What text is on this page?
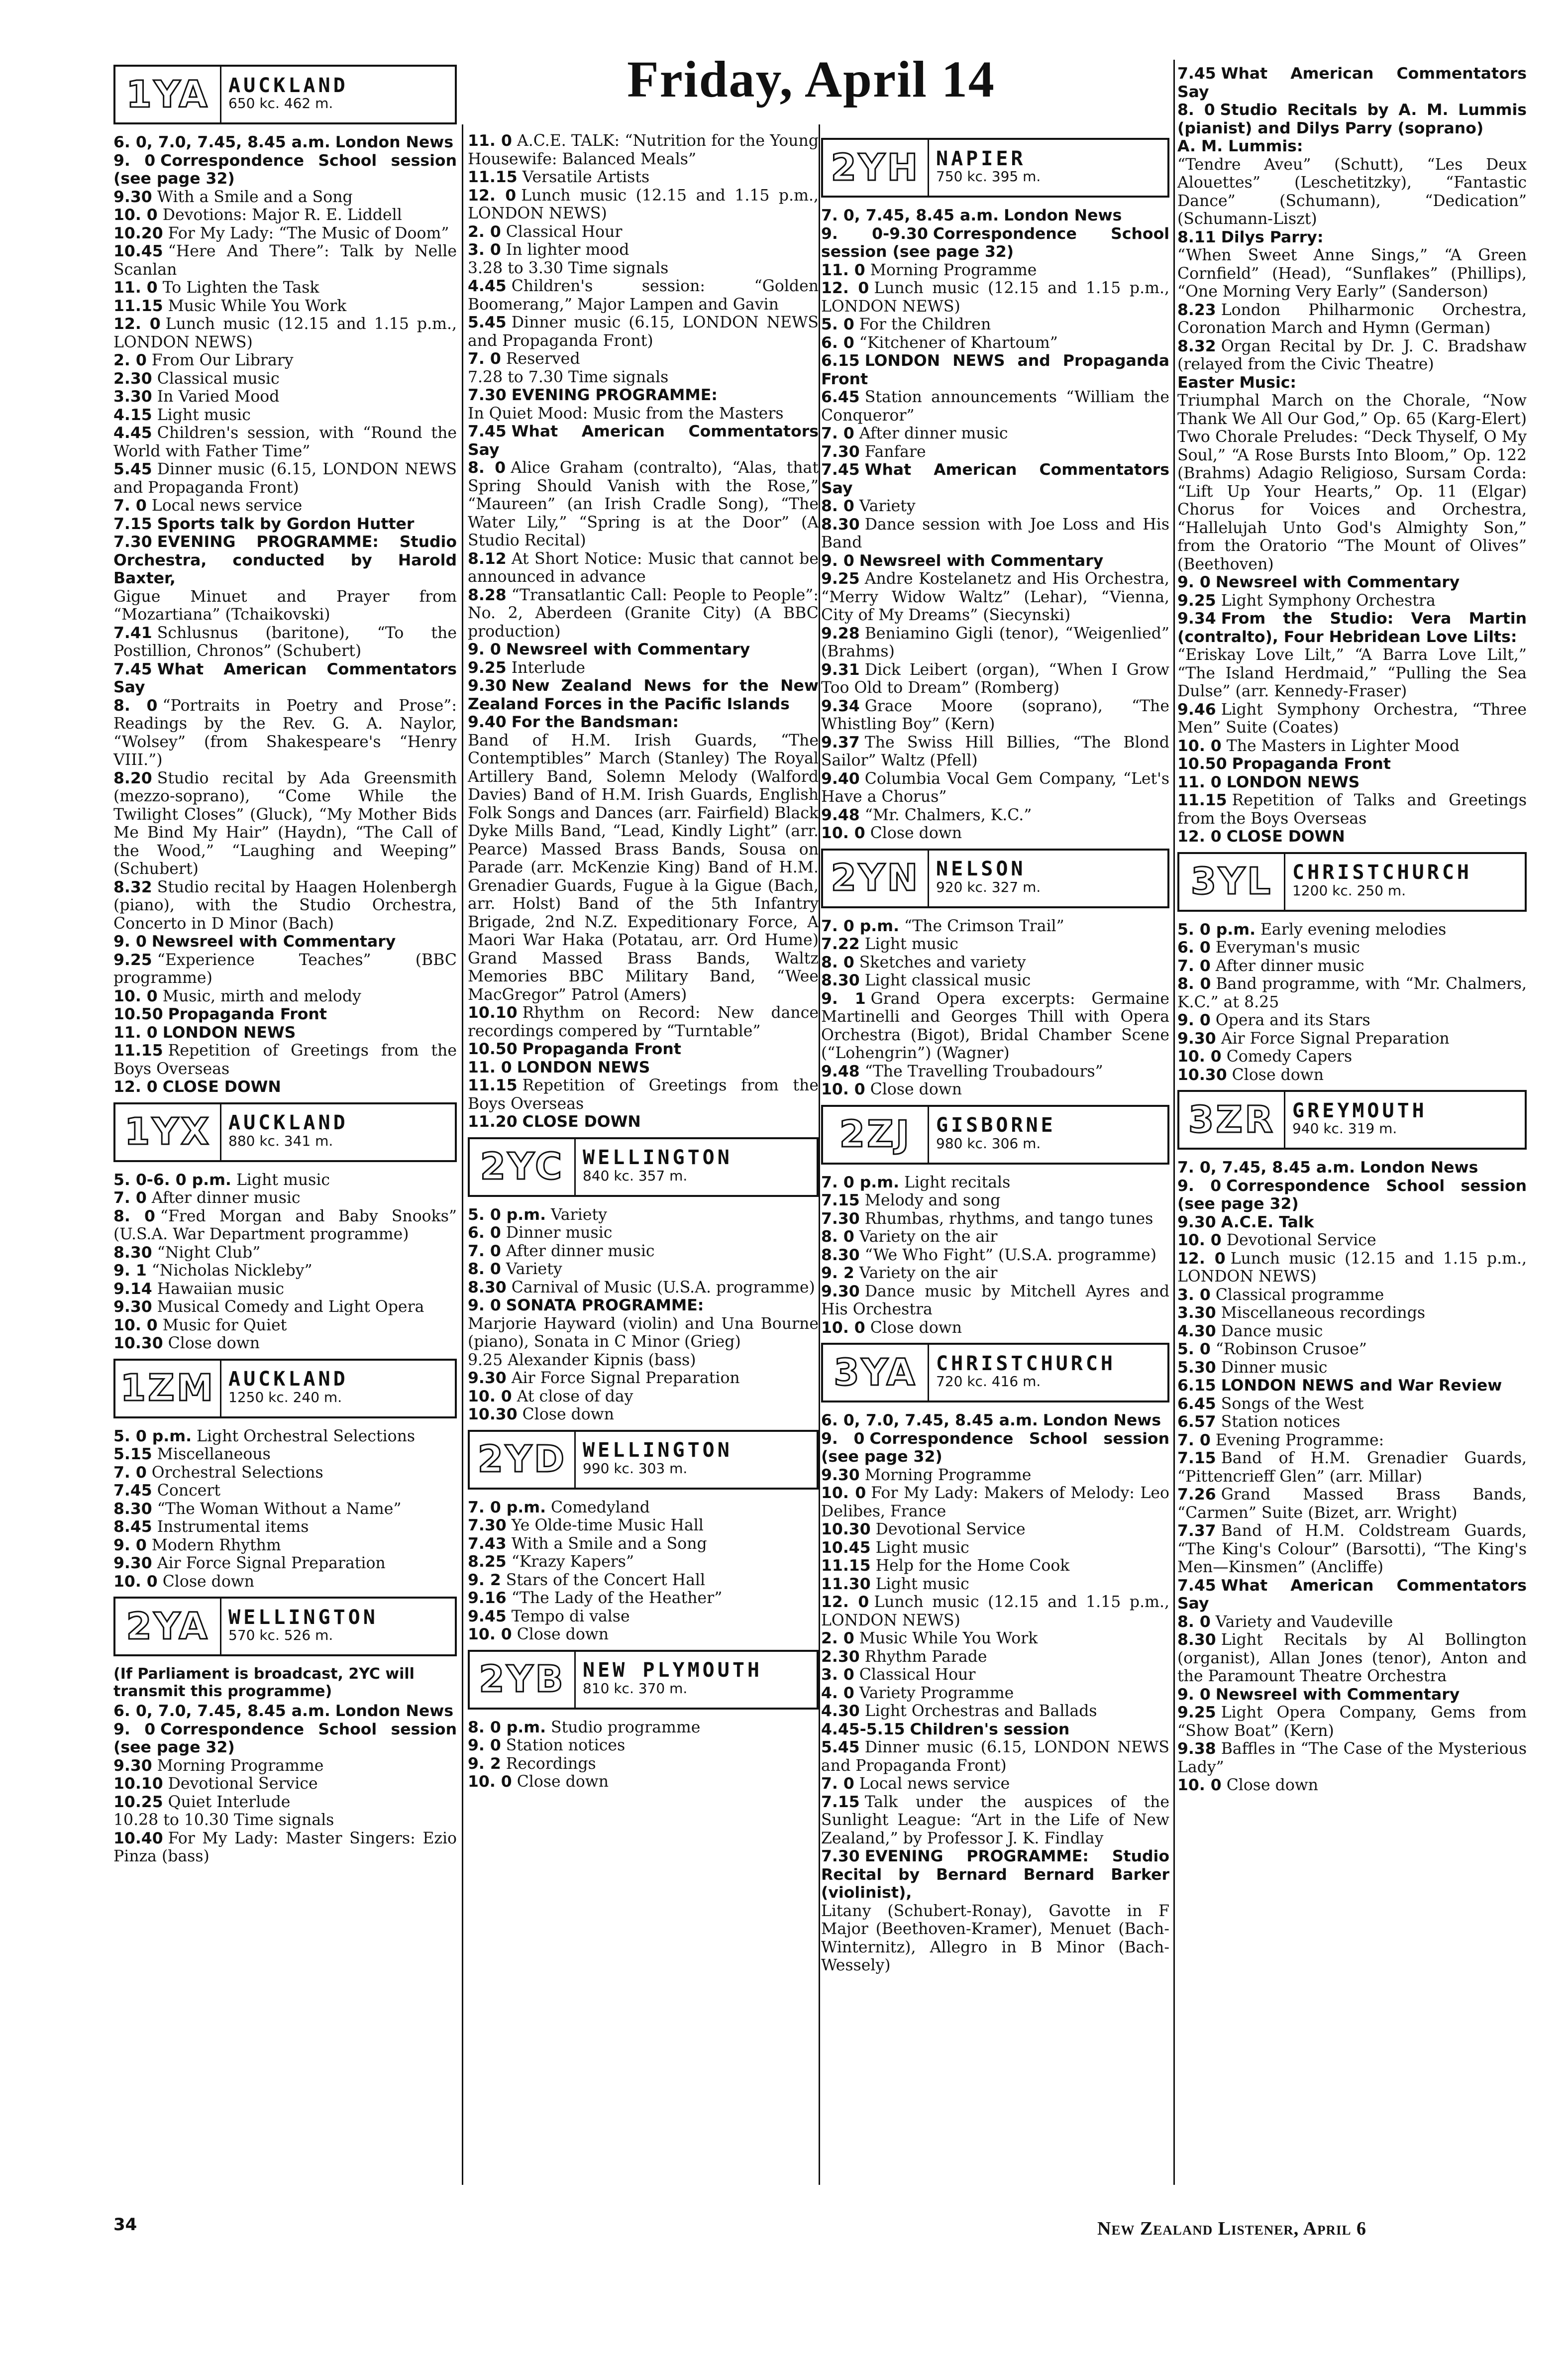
Friday, April 14
1YA AUCKLAND
650 kc. 462 m.

6. 0, 7.0, 7.45, 8.45 a.m. London News

9. 0 Correspondence School session (see page 32)

9.30 With a Smile and a Song

10. 0 Devotions: Major R. E. Liddell

10.20 For My Lady: “The Music of Doom”

10.45 “Here And There”: Talk by Nelle Scanlan

11. 0 To Lighten the Task

11.15 Music While You Work

12. 0 Lunch music (12.15 and 1.15 p.m., LONDON NEWS)

2. 0 From Our Library

2.30 Classical music

3.30 In Varied Mood

4.15 Light music

4.45 Children's session, with “Round the World with Father Time”

5.45 Dinner music (6.15, LONDON NEWS and Propaganda Front)

7. 0 Local news service

7.15 Sports talk by Gordon Hutter

7.30 EVENING PROGRAMME: Studio Orchestra, conducted by Harold Baxter,

Gigue Minuet and Prayer from “Mozartiana” (Tchaikovski)

7.41 Schlusnus (baritone), “To the Postillion, Chronos” (Schubert)

7.45 What American Commentators Say

8. 0 “Portraits in Poetry and Prose”: Readings by the Rev. G. A. Naylor, “Wolsey” (from Shakespeare's “Henry VIII.”)

8.20 Studio recital by Ada Greensmith (mezzo-soprano), “Come While the Twilight Closes” (Gluck), “My Mother Bids Me Bind My Hair” (Haydn), “The Call of the Wood,” “Laughing and Weeping” (Schubert)

8.32 Studio recital by Haagen Holenbergh (piano), with the Studio Orchestra, Concerto in D Minor (Bach)

9. 0 Newsreel with Commentary

9.25 “Experience Teaches” (BBC programme)

10. 0 Music, mirth and melody

10.50 Propaganda Front

11. 0 LONDON NEWS

11.15 Repetition of Greetings from the Boys Overseas

12. 0 CLOSE DOWN

1YX AUCKLAND
880 kc. 341 m.

5. 0-6. 0 p.m. Light music

7. 0 After dinner music

8. 0 “Fred Morgan and Baby Snooks” (U.S.A. War Department programme)

8.30 “Night Club”

9. 1 “Nicholas Nickleby”

9.14 Hawaiian music

9.30 Musical Comedy and Light Opera

10. 0 Music for Quiet

10.30 Close down

1ZM AUCKLAND
1250 kc. 240 m.

5. 0 p.m. Light Orchestral Selections

5.15 Miscellaneous

7. 0 Orchestral Selections

7.45 Concert

8.30 “The Woman Without a Name”

8.45 Instrumental items

9. 0 Modern Rhythm

9.30 Air Force Signal Preparation

10. 0 Close down

2YA WELLINGTON
570 kc. 526 m.
(If Parliament is broadcast, 2YC will transmit this programme)

6. 0, 7.0, 7.45, 8.45 a.m. London News

9. 0 Correspondence School session (see page 32)

9.30 Morning Programme

10.10 Devotional Service

10.25 Quiet Interlude

10.28 to 10.30 Time signals

10.40 For My Lady: Master Singers: Ezio Pinza (bass)

11. 0 A.C.E. TALK: “Nutrition for the Young Housewife: Balanced Meals”

11.15 Versatile Artists

12. 0 Lunch music (12.15 and 1.15 p.m., LONDON NEWS)

2. 0 Classical Hour

3. 0 In lighter mood

3.28 to 3.30 Time signals

4.45 Children's session: “Golden Boomerang,” Major Lampen and Gavin

5.45 Dinner music (6.15, LONDON NEWS and Propaganda Front)

7. 0 Reserved

7.28 to 7.30 Time signals

7.30 EVENING PROGRAMME:

In Quiet Mood: Music from the Masters

7.45 What American Commentators Say

8. 0 Alice Graham (contralto), “Alas, that Spring Should Vanish with the Rose,” “Maureen” (an Irish Cradle Song), “The Water Lily,” “Spring is at the Door” (A Studio Recital)

8.12 At Short Notice: Music that cannot be announced in advance

8.28 “Transatlantic Call: People to People”: No. 2, Aberdeen (Granite City) (A BBC production)

9. 0 Newsreel with Commentary

9.25 Interlude

9.30 New Zealand News for the New Zealand Forces in the Pacific Islands

9.40 For the Bandsman:

Band of H.M. Irish Guards, “The Contemptibles” March (Stanley) The Royal Artillery Band, Solemn Melody (Walford Davies) Band of H.M. Irish Guards, English Folk Songs and Dances (arr. Fairfield) Black Dyke Mills Band, “Lead, Kindly Light” (arr. Pearce) Massed Brass Bands, Sousa on Parade (arr. McKenzie King) Band of H.M. Grenadier Guards, Fugue à la Gigue (Bach, arr. Holst) Band of the 5th Infantry Brigade, 2nd N.Z. Expeditionary Force, A Maori War Haka (Potatau, arr. Ord Hume) Grand Massed Brass Bands, Waltz Memories BBC Military Band, “Wee MacGregor” Patrol (Amers)

10.10 Rhythm on Record: New dance recordings compered by “Turntable”

10.50 Propaganda Front

11. 0 LONDON NEWS

11.15 Repetition of Greetings from the Boys Overseas

11.20 CLOSE DOWN

2YC WELLINGTON
840 kc. 357 m.

5. 0 p.m. Variety

6. 0 Dinner music

7. 0 After dinner music

8. 0 Variety

8.30 Carnival of Music (U.S.A. programme)

9. 0 SONATA PROGRAMME:

Marjorie Hayward (violin) and Una Bourne (piano), Sonata in C Minor (Grieg)

9.25 Alexander Kipnis (bass)

9.30 Air Force Signal Preparation

10. 0 At close of day

10.30 Close down

2YD WELLINGTON
990 kc. 303 m.

7. 0 p.m. Comedyland

7.30 Ye Olde-time Music Hall

7.43 With a Smile and a Song

8.25 “Krazy Kapers”

9. 2 Stars of the Concert Hall

9.16 “The Lady of the Heather”

9.45 Tempo di valse

10. 0 Close down

2YB NEW PLYMOUTH
810 kc. 370 m.

8. 0 p.m. Studio programme

9. 0 Station notices

9. 2 Recordings

10. 0 Close down

2YH NAPIER
750 kc. 395 m.

7. 0, 7.45, 8.45 a.m. London News

9. 0-9.30 Correspondence School session (see page 32)

11. 0 Morning Programme

12. 0 Lunch music (12.15 and 1.15 p.m., LONDON NEWS)

5. 0 For the Children

6. 0 “Kitchener of Khartoum”

6.15 LONDON NEWS and Propaganda Front

6.45 Station announcements “William the Conqueror”

7. 0 After dinner music

7.30 Fanfare

7.45 What American Commentators Say

8. 0 Variety

8.30 Dance session with Joe Loss and His Band

9. 0 Newsreel with Commentary

9.25 Andre Kostelanetz and His Orchestra, “Merry Widow Waltz” (Lehar), “Vienna, City of My Dreams” (Siecynski)

9.28 Beniamino Gigli (tenor), “Weigenlied” (Brahms)

9.31 Dick Leibert (organ), “When I Grow Too Old to Dream” (Romberg)

9.34 Grace Moore (soprano), “The Whistling Boy” (Kern)

9.37 The Swiss Hill Billies, “The Blond Sailor” Waltz (Pfell)

9.40 Columbia Vocal Gem Company, “Let's Have a Chorus”

9.48 “Mr. Chalmers, K.C.”

10. 0 Close down

2YN NELSON
920 kc. 327 m.

7. 0 p.m. “The Crimson Trail”

7.22 Light music

8. 0 Sketches and variety

8.30 Light classical music

9. 1 Grand Opera excerpts: Germaine Martinelli and Georges Thill with Opera Orchestra (Bigot), Bridal Chamber Scene (“Lohengrin”) (Wagner)

9.48 “The Travelling Troubadours”

10. 0 Close down

2ZJ	GISBORNE
980 kc. 306 m.

7. 0 p.m. Light recitals

7.15 Melody and song

7.30 Rhumbas, rhythms, and tango tunes

8. 0 Variety on the air

8.30 “We Who Fight” (U.S.A. programme)

9. 2 Variety on the air

9.30 Dance music by Mitchell Ayres and His Orchestra

10. 0 Close down

3YA CHRISTCHURCH
720 kc. 416 m.

6. 0, 7.0, 7.45, 8.45 a.m. London News

9. 0 Correspondence School session (see page 32)

9.30 Morning Programme

10. 0 For My Lady: Makers of Melody: Leo Delibes, France

10.30 Devotional Service

10.45 Light music

11.15 Help for the Home Cook

11.30 Light music

12. 0 Lunch music (12.15 and 1.15 p.m., LONDON NEWS)

2. 0 Music While You Work

2.30 Rhythm Parade

3. 0 Classical Hour

4. 0 Variety Programme

4.30 Light Orchestras and Ballads

4.45-5.15 Children's session

5.45 Dinner music (6.15, LONDON NEWS and Propaganda Front)

7. 0 Local news service

7.15 Talk under the auspices of the Sunlight League: “Art in the Life of New Zealand,” by Professor J. K. Findlay

7.30 EVENING PROGRAMME: Studio Recital by Bernard Bernard Barker (violinist),

Litany (Schubert-Ronay), Gavotte in F Major (Beethoven-Kramer), Menuet (Bach-Winternitz), Allegro in B Minor (Bach-Wessely)

7.45 What American Commentators Say

8. 0 Studio Recitals by A. M. Lummis (pianist) and Dilys Parry (soprano)

A. M. Lummis:

“Tendre Aveu” (Schutt), “Les Deux Alouettes” (Leschetitzky), “Fantastic Dance” (Schumann), “Dedication” (Schumann-Liszt)

8.11 Dilys Parry:

“When Sweet Anne Sings,” “A Green Cornfield” (Head), “Sunflakes” (Phillips), “One Morning Very Early” (Sanderson)

8.23 London Philharmonic Orchestra, Coronation March and Hymn (German)

8.32 Organ Recital by Dr. J. C. Bradshaw (relayed from the Civic Theatre)

Easter Music:

Triumphal March on the Chorale, “Now Thank We All Our God,” Op. 65 (Karg-Elert) Two Chorale Preludes: “Deck Thyself, O My Soul,” “A Rose Bursts Into Bloom,” Op. 122 (Brahms) Adagio Religioso, Sursam Corda: “Lift Up Your Hearts,” Op. 11 (Elgar) Chorus for Voices and Orchestra, “Hallelujah Unto God's Almighty Son,” from the Oratorio “The Mount of Olives” (Beethoven)

9. 0 Newsreel with Commentary

9.25 Light Symphony Orchestra

9.34 From the Studio: Vera Martin (contralto), Four Hebridean Love Lilts:

“Eriskay Love Lilt,” “A Barra Love Lilt,” “The Island Herdmaid,” “Pulling the Sea Dulse” (arr. Kennedy-Fraser)

9.46 Light Symphony Orchestra, “Three Men” Suite (Coates)

10. 0 The Masters in Lighter Mood

10.50 Propaganda Front

11. 0 LONDON NEWS

11.15 Repetition of Talks and Greetings from the Boys Overseas

12. 0 CLOSE DOWN

3YL CHRISTCHURCH
1200 kc. 250 m.

5. 0 p.m. Early evening melodies

6. 0 Everyman's music

7. 0 After dinner music

8. 0 Band programme, with “Mr. Chalmers, K.C.” at 8.25

9. 0 Opera and its Stars

9.30 Air Force Signal Preparation

10. 0 Comedy Capers

10.30 Close down

3ZR GREYMOUTH
940 kc. 319 m.

7. 0, 7.45, 8.45 a.m. London News

9. 0 Correspondence School session (see page 32)

9.30 A.C.E. Talk

10. 0 Devotional Service

12. 0 Lunch music (12.15 and 1.15 p.m., LONDON NEWS)

3. 0 Classical programme

3.30 Miscellaneous recordings

4.30 Dance music

5. 0 “Robinson Crusoe”

5.30 Dinner music

6.15 LONDON NEWS and War Review

6.45 Songs of the West

6.57 Station notices

7. 0 Evening Programme:

7.15 Band of H.M. Grenadier Guards, “Pittencrieff Glen” (arr. Millar)

7.26 Grand Massed Brass Bands, “Carmen” Suite (Bizet, arr. Wright)

7.37 Band of H.M. Coldstream Guards, “The King's Colour” (Barsotti), “The King's Men—Kinsmen” (Ancliffe)

7.45 What American Commentators Say

8. 0 Variety and Vaudeville

8.30 Light Recitals by Al Bollington (organist), Allan Jones (tenor), Anton and the Paramount Theatre Orchestra

9. 0 Newsreel with Commentary

9.25 Light Opera Company, Gems from “Show Boat” (Kern)

9.38 Baffles in “The Case of the Mysterious Lady”

10. 0 Close down

34	New Zealand Listener, April 6
